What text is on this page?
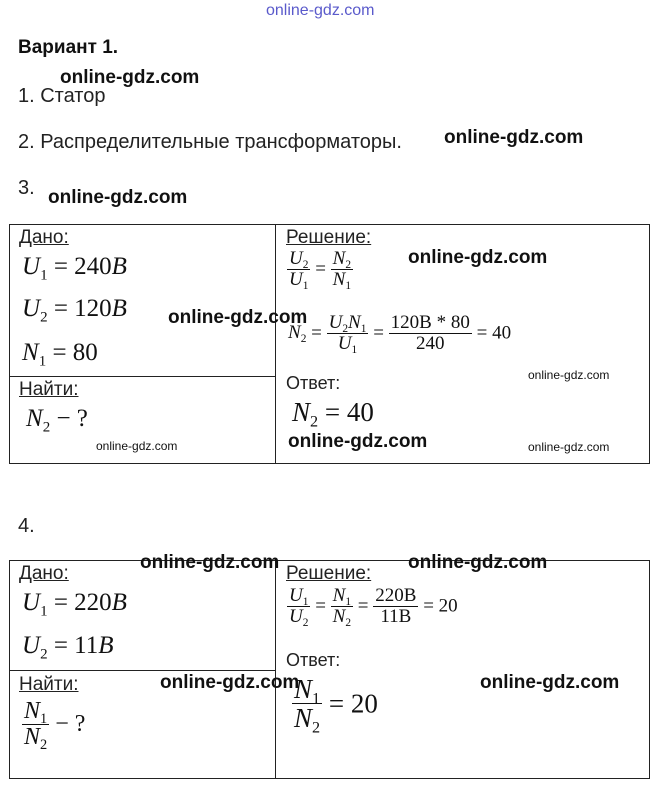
online-gdz.com
Вариант 1.
online-gdz.com
1. Статор
2. Распределительные трансформаторы. online-gdz.com
3. online-gdz.com
Дано:
$U_1 = 240B$
$U_2 = 120B$
$N_1 = 80$
Найти:
$N_2$ − ?
online-gdz.com
Решение:
$\frac{U_2}{U_1} = \frac{N_2}{N_1}$	online-gdz.com
online-gdz.com
$N_2 = \frac{U_2N_1}{U_1} = \frac{120B * 80}{240} = 40$
Ответ:	online-gdz.com
$N_2 = 40$
online-gdz.com	online-gdz.com
4.
online-gdz.com	online-gdz.com
Дано:
$U_1 = 220B$
$U_2 = 11B$
Найти:
$\frac{N_1}{N_2}$ − ?
online-gdz.com
Решение:
$\frac{U_1}{U_2} = \frac{N_1}{N_2} = \frac{220B}{11B} = 20$
Ответ:
online-gdz.com
$\frac{N_1}{N_2} = 20$
